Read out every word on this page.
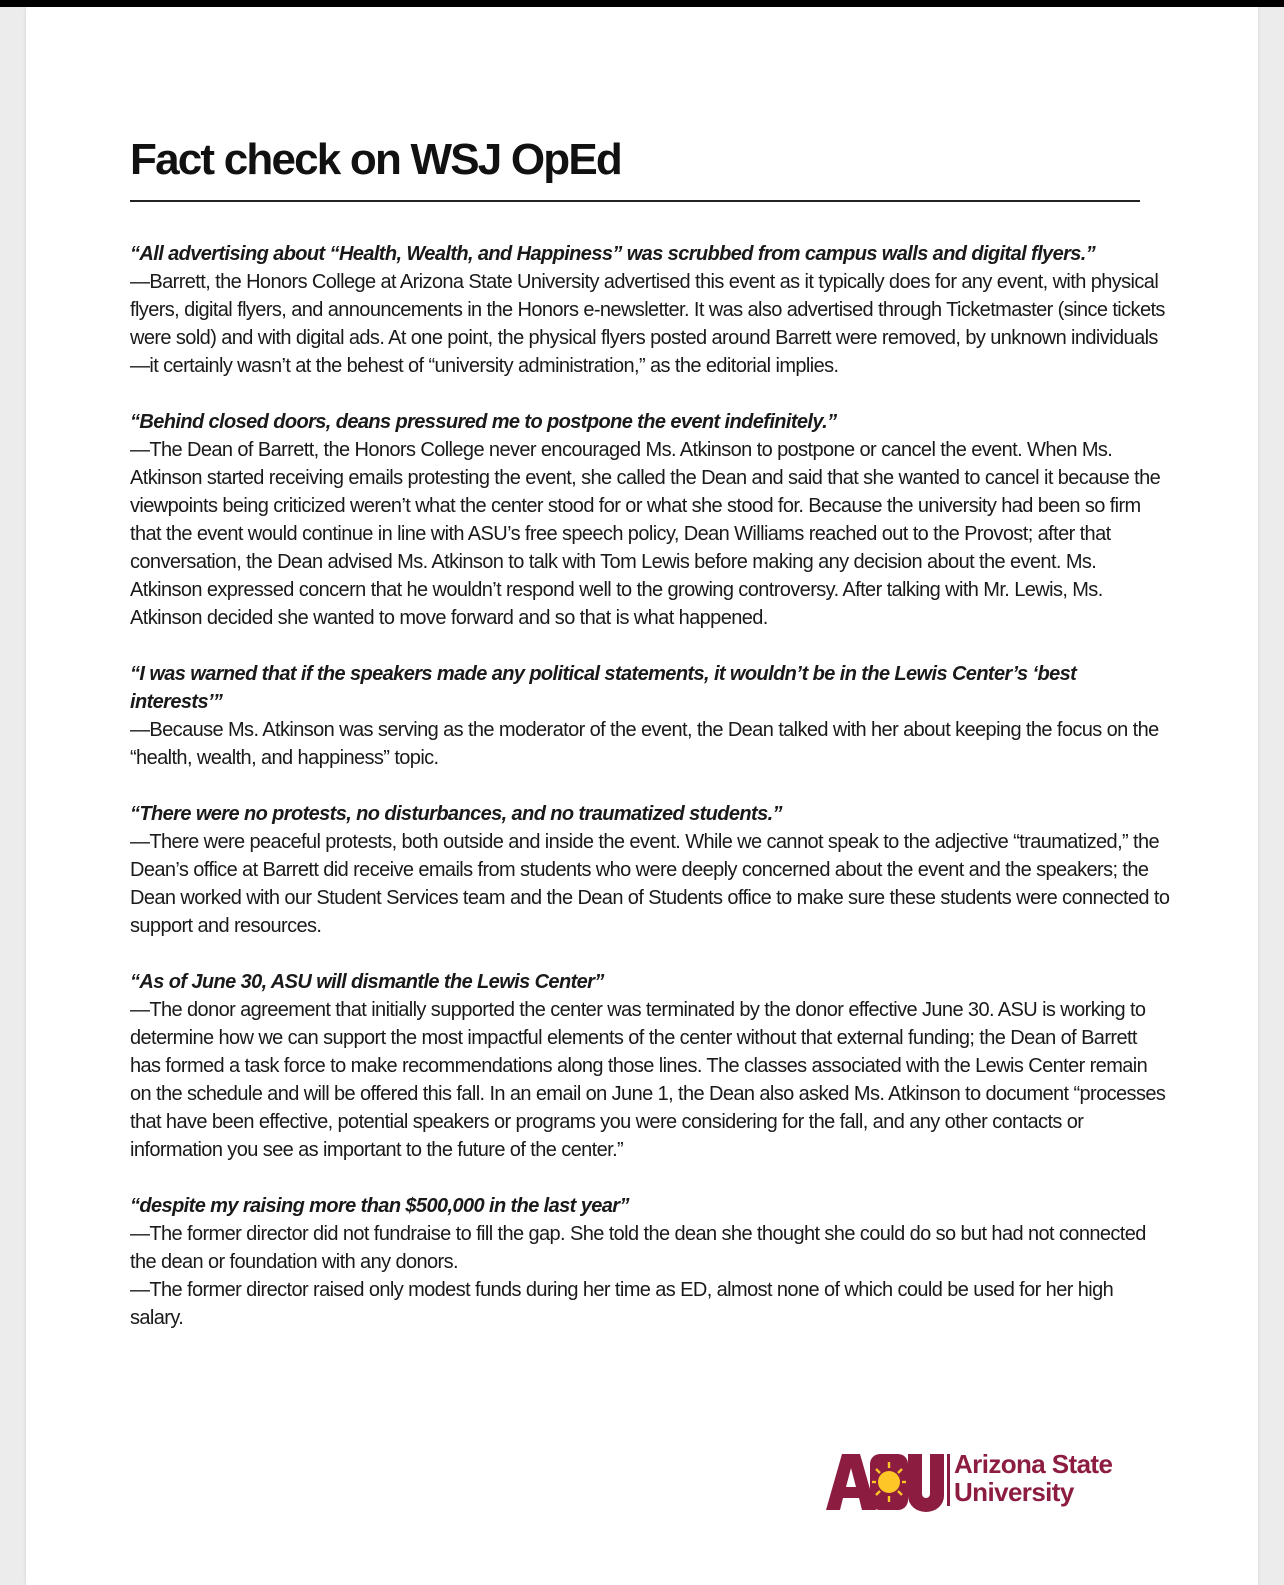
Fact check on WSJ OpEd

“All advertising about “Health, Wealth, and Happiness” was scrubbed from campus walls and digital flyers.”

—Barrett, the Honors College at Arizona State University advertised this event as it typically does for any event, with physical flyers, digital flyers, and announcements in the Honors e-newsletter. It was also advertised through Ticketmaster (since tickets were sold) and with digital ads. At one point, the physical flyers posted around Barrett were removed, by unknown individuals —it certainly wasn’t at the behest of “university administration,” as the editorial implies.

“Behind closed doors, deans pressured me to postpone the event indefinitely.”

—The Dean of Barrett, the Honors College never encouraged Ms. Atkinson to postpone or cancel the event. When Ms. Atkinson started receiving emails protesting the event, she called the Dean and said that she wanted to cancel it because the viewpoints being criticized weren’t what the center stood for or what she stood for. Because the university had been so firm that the event would continue in line with ASU’s free speech policy, Dean Williams reached out to the Provost; after that conversation, the Dean advised Ms. Atkinson to talk with Tom Lewis before making any decision about the event. Ms. Atkinson expressed concern that he wouldn’t respond well to the growing controversy. After talking with Mr. Lewis, Ms. Atkinson decided she wanted to move forward and so that is what happened.

“I was warned that if the speakers made any political statements, it wouldn’t be in the Lewis Center’s ‘best interests’”

—Because Ms. Atkinson was serving as the moderator of the event, the Dean talked with her about keeping the focus on the “health, wealth, and happiness” topic.

“There were no protests, no disturbances, and no traumatized students.”

—There were peaceful protests, both outside and inside the event. While we cannot speak to the adjective “traumatized,” the Dean’s office at Barrett did receive emails from students who were deeply concerned about the event and the speakers; the Dean worked with our Student Services team and the Dean of Students office to make sure these students were connected to support and resources.

“As of June 30, ASU will dismantle the Lewis Center”

—The donor agreement that initially supported the center was terminated by the donor effective June 30. ASU is working to determine how we can support the most impactful elements of the center without that external funding; the Dean of Barrett has formed a task force to make recommendations along those lines. The classes associated with the Lewis Center remain on the schedule and will be offered this fall. In an email on June 1, the Dean also asked Ms. Atkinson to document “processes that have been effective, potential speakers or programs you were considering for the fall, and any other contacts or information you see as important to the future of the center.”

“despite my raising more than $500,000 in the last year”

—The former director did not fundraise to fill the gap. She told the dean she thought she could do so but had not connected the dean or foundation with any donors.

—The former director raised only modest funds during her time as ED, almost none of which could be used for her high salary.

Arizona State
University
